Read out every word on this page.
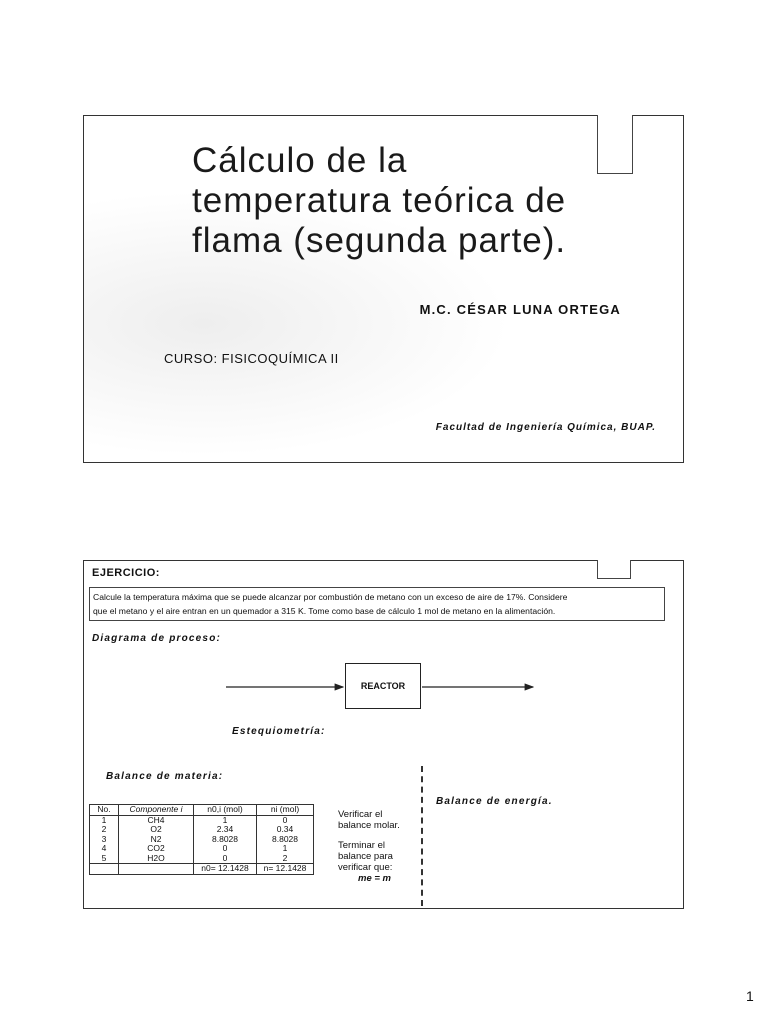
Cálculo de la
temperatura teórica de
flama (segunda parte).
M.C. CÉSAR LUNA ORTEGA
CURSO: FISICOQUÍMICA II
Facultad de Ingeniería Química, BUAP.
EJERCICIO:
Calcule la temperatura máxima que se puede alcanzar por combustión de metano con un exceso de aire de 17%. Considere
que el metano y el aire entran en un quemador a 315 K. Tome como base de cálculo 1 mol de metano en la alimentación.
Diagrama de proceso:
REACTOR
Estequiometría:
Balance de materia:
Balance de energía.
No.	Componente i	n0,i (mol)	ni (mol)
1	CH4	1	0
2	O2	2.34	0.34
3	N2	8.8028	8.8028
4	CO2	0	1
5	H2O	0	2
		n0= 12.1428	n= 12.1428
Verificar el
balance molar.
Terminar el
balance para
verificar que:
me = m
1
